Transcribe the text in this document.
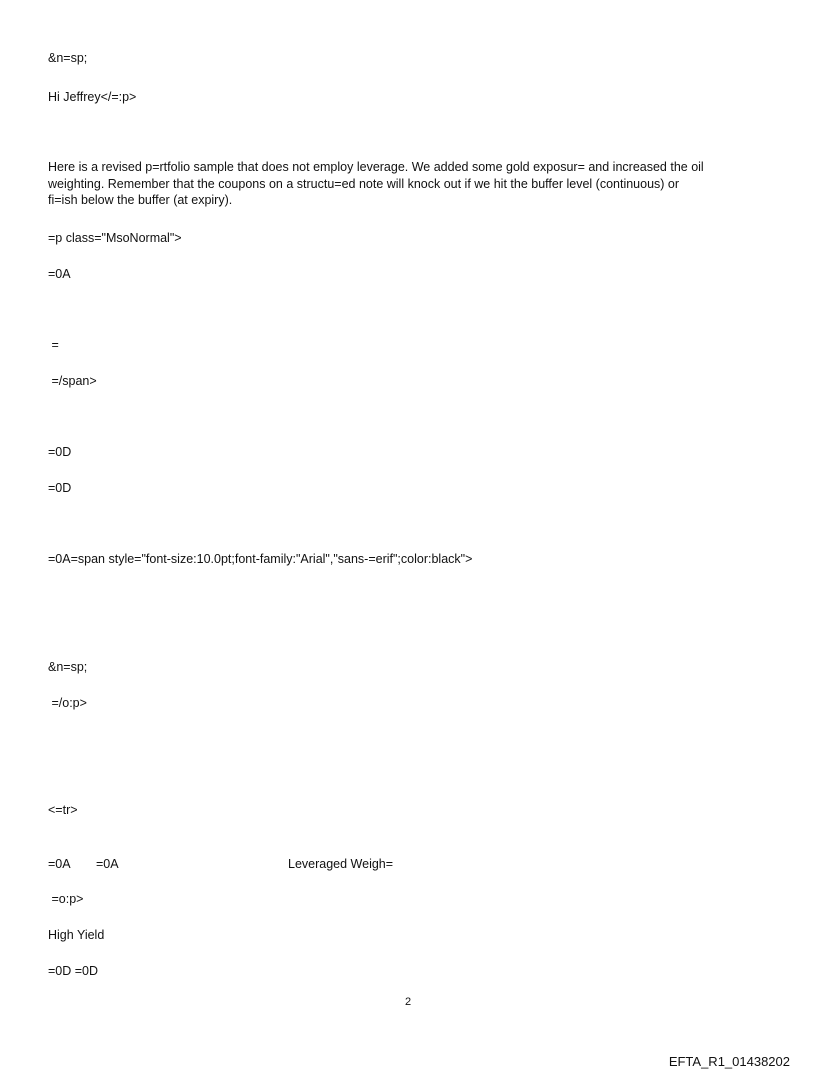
&n=sp;

Hi Jeffrey</=:p>

Here is a revised p=rtfolio sample that does not employ leverage. We added some gold exposur= and increased the oil
weighting. Remember that the coupons on a structu=ed note will knock out if we hit the buffer level (continuous) or
fi=ish below the buffer (at expiry).

=p class="MsoNormal">

=0A

=

=/span>

=0D

=0D

=0A=span style="font-size:10.0pt;font-family:"Arial","sans-=erif";color:black">

&n=sp;

=/o:p>

<=tr>

=0A =0A	Leveraged Weigh=

=o:p>

High Yield

=0D =0D

2

EFTA_R1_01438202
